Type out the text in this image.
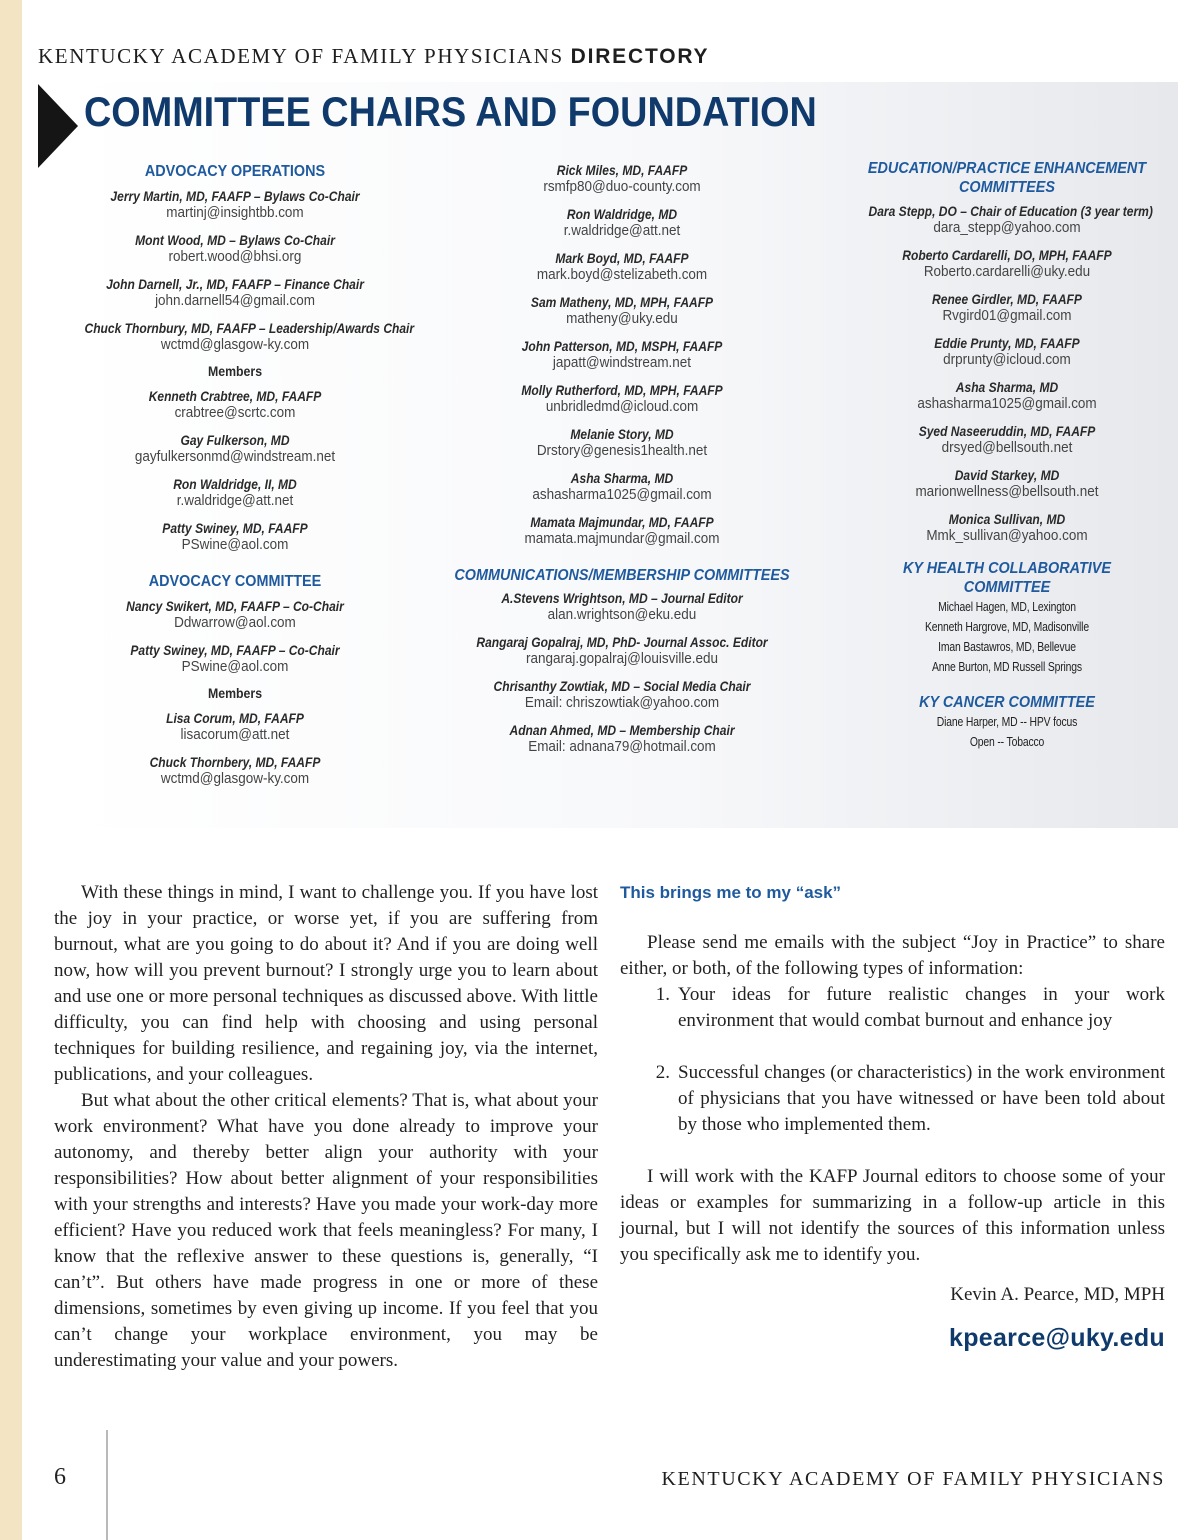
KENTUCKY ACADEMY OF FAMILY PHYSICIANS DIRECTORY
COMMITTEE CHAIRS AND FOUNDATION
ADVOCACY OPERATIONS
Jerry Martin, MD, FAAFP – Bylaws Co-Chair
martinj@insightbb.com
Mont Wood, MD – Bylaws Co-Chair
robert.wood@bhsi.org
John Darnell, Jr., MD, FAAFP – Finance Chair
john.darnell54@gmail.com
Chuck Thornbury, MD, FAAFP – Leadership/Awards Chair
wctmd@glasgow-ky.com
Members
Kenneth Crabtree, MD, FAAFP
crabtree@scrtc.com
Gay Fulkerson, MD
gayfulkersonmd@windstream.net
Ron Waldridge, II, MD
r.waldridge@att.net
Patty Swiney, MD, FAAFP
PSwine@aol.com
ADVOCACY COMMITTEE
Nancy Swikert, MD, FAAFP – Co-Chair
Ddwarrow@aol.com
Patty Swiney, MD, FAAFP – Co-Chair
PSwine@aol.com
Members
Lisa Corum, MD, FAAFP
lisacorum@att.net
Chuck Thornbery, MD, FAAFP
wctmd@glasgow-ky.com
Rick Miles, MD, FAAFP
rsmfp80@duo-county.com
Ron Waldridge, MD
r.waldridge@att.net
Mark Boyd, MD, FAAFP
mark.boyd@stelizabeth.com
Sam Matheny, MD, MPH, FAAFP
matheny@uky.edu
John Patterson, MD, MSPH, FAAFP
japatt@windstream.net
Molly Rutherford, MD, MPH, FAAFP
unbridledmd@icloud.com
Melanie Story, MD
Drstory@genesis1health.net
Asha Sharma, MD
ashasharma1025@gmail.com
Mamata Majmundar, MD, FAAFP
mamata.majmundar@gmail.com
COMMUNICATIONS/MEMBERSHIP COMMITTEES
A.Stevens Wrightson, MD – Journal Editor
alan.wrightson@eku.edu
Rangaraj Gopalraj, MD, PhD- Journal Assoc. Editor
rangaraj.gopalraj@louisville.edu
Chrisanthy Zowtiak, MD – Social Media Chair
Email: chriszowtiak@yahoo.com
Adnan Ahmed, MD – Membership Chair
Email: adnana79@hotmail.com
EDUCATION/PRACTICE ENHANCEMENT
COMMITTEES
Dara Stepp, DO – Chair of Education (3 year term)
dara_stepp@yahoo.com
Roberto Cardarelli, DO, MPH, FAAFP
Roberto.cardarelli@uky.edu
Renee Girdler, MD, FAAFP
Rvgird01@gmail.com
Eddie Prunty, MD, FAAFP
drprunty@icloud.com
Asha Sharma, MD
ashasharma1025@gmail.com
Syed Naseeruddin, MD, FAAFP
drsyed@bellsouth.net
David Starkey, MD
marionwellness@bellsouth.net
Monica Sullivan, MD
Mmk_sullivan@yahoo.com
KY HEALTH COLLABORATIVE COMMITTEE
Michael Hagen, MD, Lexington
Kenneth Hargrove, MD, Madisonville
Iman Bastawros, MD, Bellevue
Anne Burton, MD Russell Springs
KY CANCER COMMITTEE
Diane Harper, MD -- HPV focus
Open -- Tobacco

With these things in mind, I want to challenge you. If you have lost the joy in your practice, or worse yet, if you are suffering from burnout, what are you going to do about it? And if you are doing well now, how will you prevent burnout? I strongly urge you to learn about and use one or more personal techniques as discussed above. With little difficulty, you can find help with choosing and using personal techniques for building resilience, and regaining joy, via the internet, publications, and your colleagues.

But what about the other critical elements? That is, what about your work environment? What have you done already to improve your autonomy, and thereby better align your authority with your responsibilities? How about better alignment of your responsibilities with your strengths and interests? Have you made your work-day more efficient? Have you reduced work that feels meaningless? For many, I know that the reflexive answer to these questions is, generally, “I can’t”. But others have made progress in one or more of these dimensions, sometimes by even giving up income. If you feel that you can’t change your workplace environment, you may be underestimating your value and your powers.

This brings me to my “ask”

Please send me emails with the subject “Joy in Practice” to share either, or both, of the following types of information:

1. Your ideas for future realistic changes in your work environment that would combat burnout and enhance joy
2. Successful changes (or characteristics) in the work environment of physicians that you have witnessed or have been told about by those who implemented them.

I will work with the KAFP Journal editors to choose some of your ideas or examples for summarizing in a follow-up article in this journal, but I will not identify the sources of this information unless you specifically ask me to identify you.

Kevin A. Pearce, MD, MPH
kpearce@uky.edu
6	KENTUCKY ACADEMY OF FAMILY PHYSICIANS
